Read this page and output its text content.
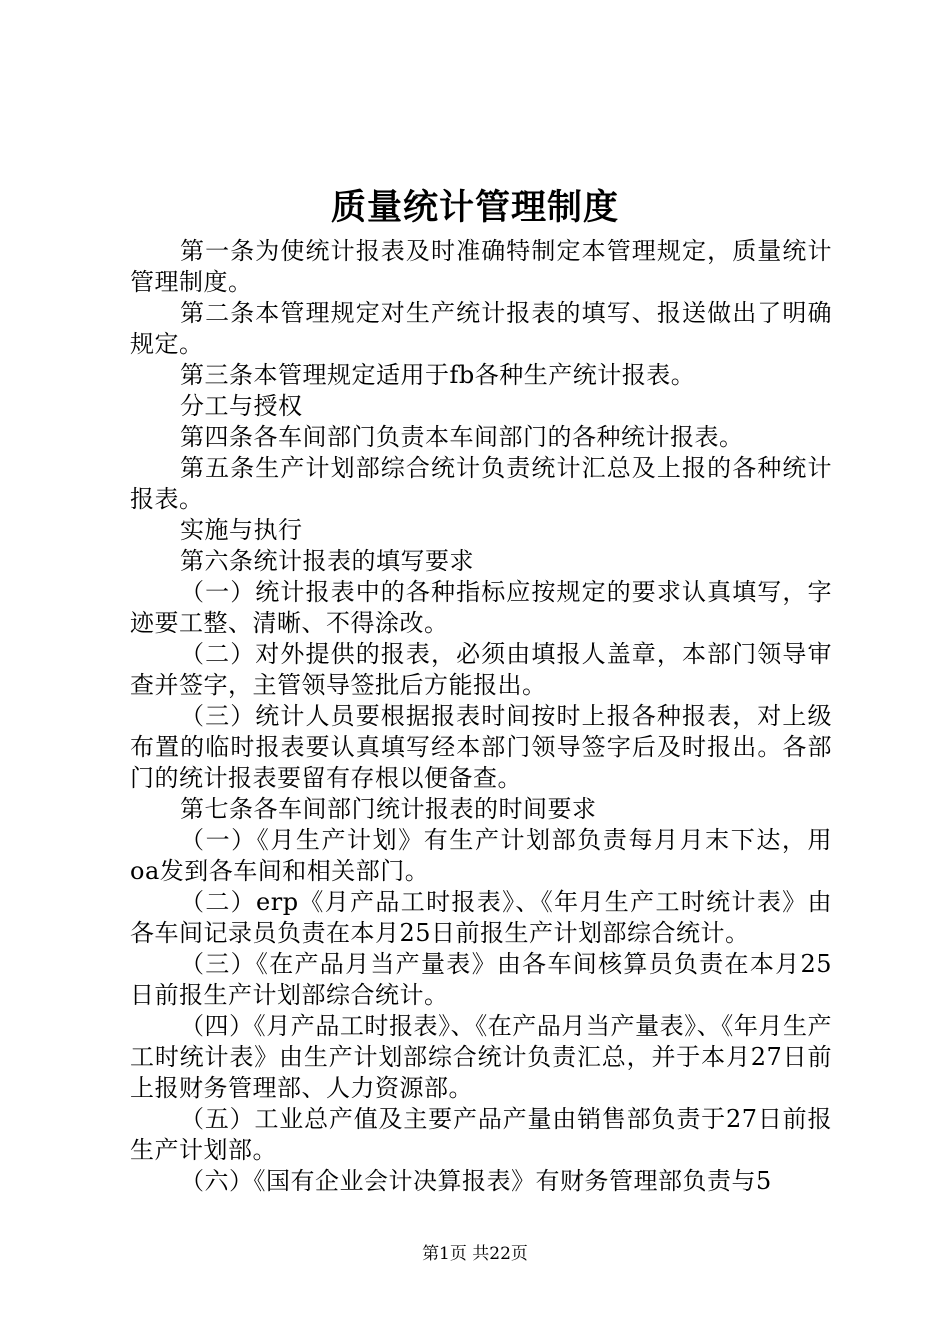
质量统计管理制度

第一条为使统计报表及时准确特制定本管理规定，质量统计管理制度。

第二条本管理规定对生产统计报表的填写、报送做出了明确规定。

第三条本管理规定适用于fb各种生产统计报表。

分工与授权

第四条各车间部门负责本车间部门的各种统计报表。

第五条生产计划部综合统计负责统计汇总及上报的各种统计报表。

实施与执行

第六条统计报表的填写要求

（一）统计报表中的各种指标应按规定的要求认真填写，字迹要工整、清晰、不得涂改。

（二）对外提供的报表，必须由填报人盖章，本部门领导审查并签字，主管领导签批后方能报出。

（三）统计人员要根据报表时间按时上报各种报表，对上级布置的临时报表要认真填写经本部门领导签字后及时报出。各部门的统计报表要留有存根以便备查。

第七条各车间部门统计报表的时间要求

（一）《月生产计划》有生产计划部负责每月月末下达，用oa发到各车间和相关部门。

（二）erp《月产品工时报表》、《年月生产工时统计表》由各车间记录员负责在本月25日前报生产计划部综合统计。

（三）《在产品月当产量表》由各车间核算员负责在本月25日前报生产计划部综合统计。

（四）《月产品工时报表》、《在产品月当产量表》、《年月生产工时统计表》由生产计划部综合统计负责汇总，并于本月27日前上报财务管理部、人力资源部。

（五）工业总产值及主要产品产量由销售部负责于27日前报生产计划部。

（六）《国有企业会计决算报表》有财务管理部负责与5

第1页 共22页
